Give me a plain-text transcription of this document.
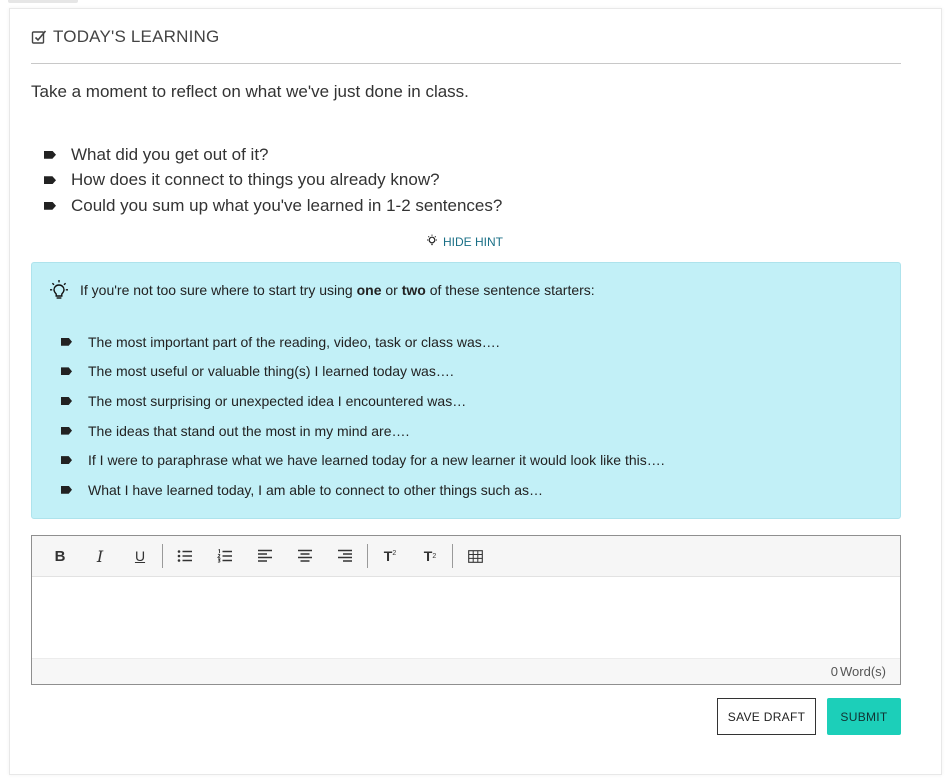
TODAY'S LEARNING

Take a moment to reflect on what we've just done in class.

What did you get out of it?
How does it connect to things you already know?
Could you sum up what you've learned in 1-2 sentences?
HIDE HINT
If you're not too sure where to start try using one or two of these sentence starters:
The most important part of the reading, video, task or class was….
The most useful or valuable thing(s) I learned today was….
The most surprising or unexpected idea I encountered was…
The ideas that stand out the most in my mind are….
If I were to paraphrase what we have learned today for a new learner it would look like this….
What I have learned today, I am able to connect to other things such as…
B	I	U	T 2 T 2
0 Word(s)
SAVE DRAFT	SUBMIT
